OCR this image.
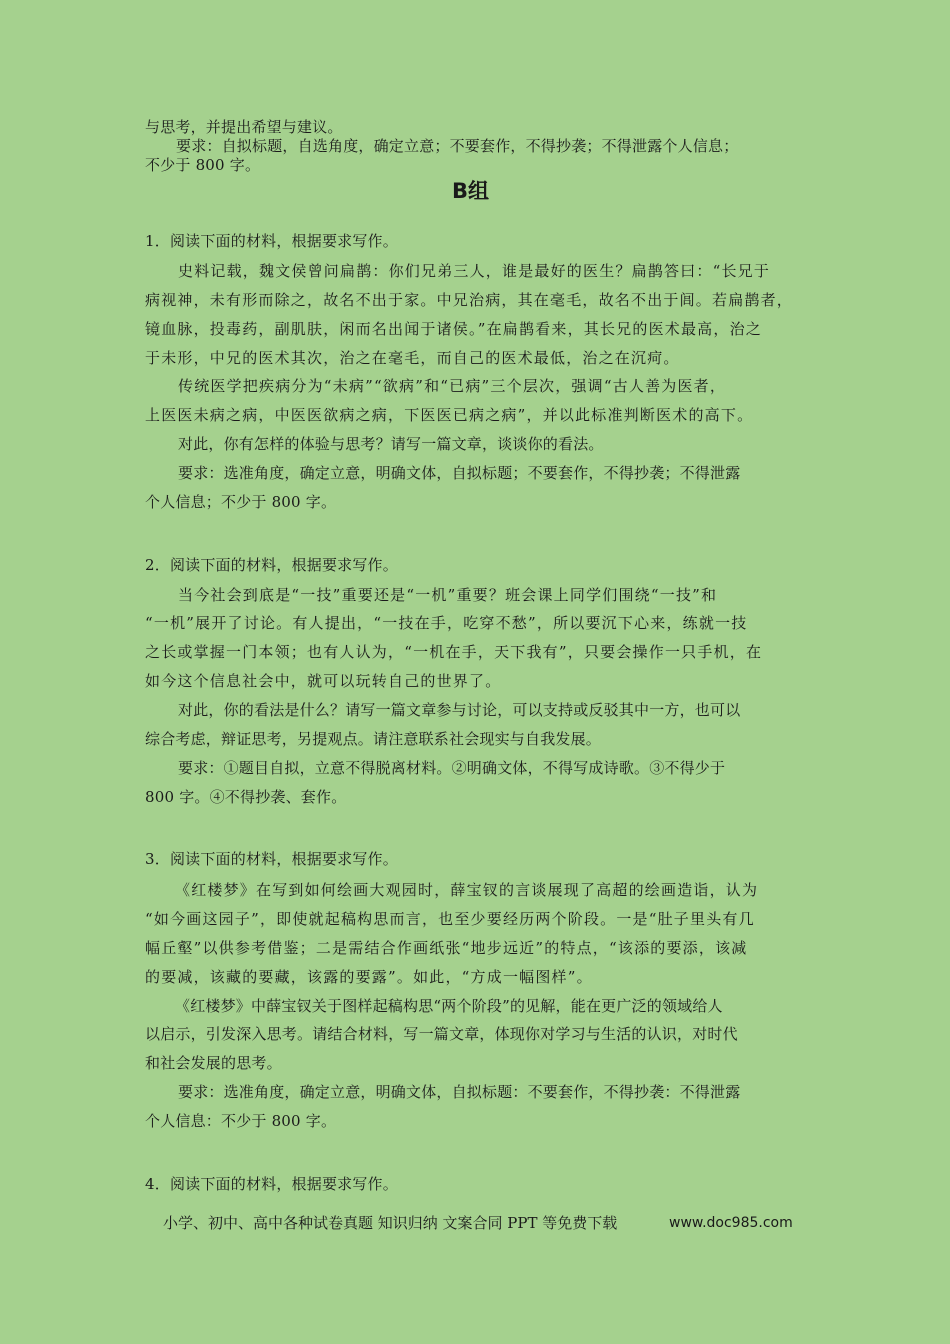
与思考，并提出希望与建议。
要求：自拟标题，自选角度，确定立意；不要套作，不得抄袭；不得泄露个人信息；
不少于 800 字。
B组
1．阅读下面的材料，根据要求写作。
史料记载，魏文侯曾问扁鹊：你们兄弟三人，谁是最好的医生？扁鹊答曰：“长兄于
病视神，未有形而除之，故名不出于家。中兄治病，其在毫毛，故名不出于闾。若扁鹊者，
镜血脉，投毒药，副肌肤，闲而名出闻于诸侯。”在扁鹊看来，其长兄的医术最高，治之
于未形，中兄的医术其次，治之在毫毛，而自己的医术最低，治之在沉疴。
传统医学把疾病分为“未病”“欲病”和“已病”三个层次，强调“古人善为医者，
上医医未病之病，中医医欲病之病，下医医已病之病”，并以此标准判断医术的高下。
对此，你有怎样的体验与思考？请写一篇文章，谈谈你的看法。
要求：选准角度，确定立意，明确文体，自拟标题；不要套作，不得抄袭；不得泄露
个人信息；不少于 800 字。
2．阅读下面的材料，根据要求写作。
当今社会到底是“一技”重要还是“一机”重要？班会课上同学们围绕“一技”和
“一机”展开了讨论。有人提出，“一技在手，吃穿不愁”，所以要沉下心来，练就一技
之长或掌握一门本领；也有人认为，“一机在手，天下我有”，只要会操作一只手机，在
如今这个信息社会中，就可以玩转自己的世界了。
对此，你的看法是什么？请写一篇文章参与讨论，可以支持或反驳其中一方，也可以
综合考虑，辩证思考，另提观点。请注意联系社会现实与自我发展。
要求：①题目自拟，立意不得脱离材料。②明确文体，不得写成诗歌。③不得少于
800 字。④不得抄袭、套作。
3．阅读下面的材料，根据要求写作。
《红楼梦》在写到如何绘画大观园时，薛宝钗的言谈展现了高超的绘画造诣，认为
“如今画这园子”，即使就起稿构思而言，也至少要经历两个阶段。一是“肚子里头有几
幅丘壑”以供参考借鉴；二是需结合作画纸张“地步远近”的特点，“该添的要添，该减
的要减，该藏的要藏，该露的要露”。如此，“方成一幅图样”。
《红楼梦》中薛宝钗关于图样起稿构思“两个阶段”的见解，能在更广泛的领域给人
以启示，引发深入思考。请结合材料，写一篇文章，体现你对学习与生活的认识，对时代
和社会发展的思考。
要求：选准角度，确定立意，明确文体，自拟标题：不要套作，不得抄袭：不得泄露
个人信息：不少于 800 字。
4．阅读下面的材料，根据要求写作。
小学、初中、高中各种试卷真题 知识归纳 文案合同 PPT 等免费下载	www.doc985.com
